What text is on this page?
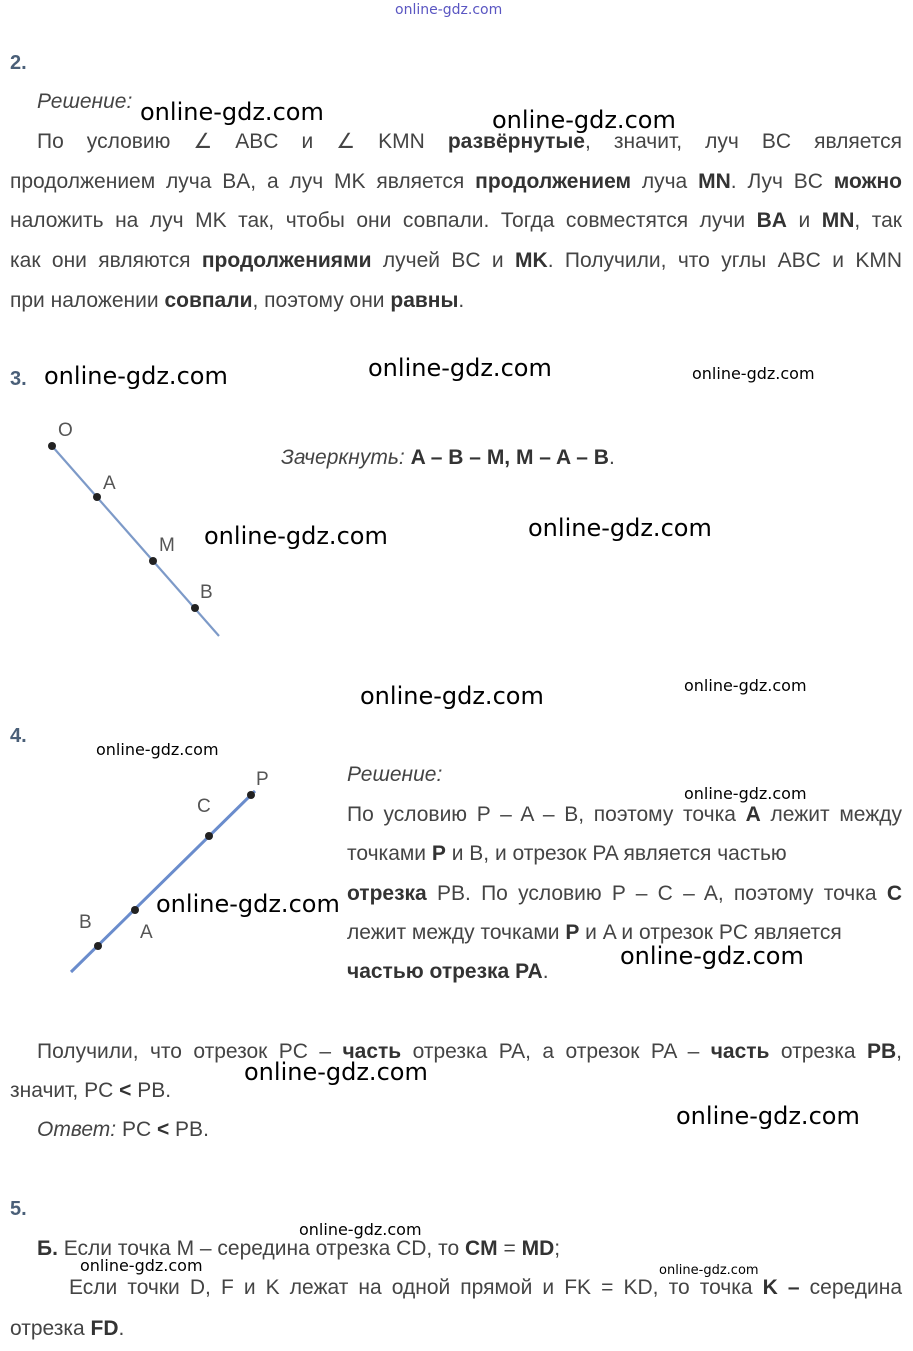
online-gdz.com
2.
Решение:
По условию ∠ ABC и ∠ KMN развёрнутые, значит, луч BC является
продолжением луча BA, а луч MK является продолжением луча MN. Луч BC можно
наложить на луч MK так, чтобы они совпали. Тогда совместятся лучи BA и MN, так
как они являются продолжениями лучей BC и MK. Получили, что углы ABC и KMN
при наложении совпали, поэтому они равны.
3.
O
A
M
B
Зачеркнуть: A – B – M, M – A – B.
4.
P
C
B	A
Решение:
По условию P – A – B, поэтому точка A лежит между
точками P и B, и отрезок PA является частью
отрезка PB. По условию P – C – A, поэтому точка C
лежит между точками P и A и отрезок PC является
частью отрезка PA.
Получили, что отрезок PC – часть отрезка PA, а отрезок PA – часть отрезка PB,
значит, PC < PB.
Ответ: PC < PB.
5.
Б. Если точка M – середина отрезка CD, то CM = MD;
Если точки D, F и K лежат на одной прямой и FK = KD, то точка K – середина
отрезка FD.
online-gdz.com	online-gdz.com
online-gdz.com	online-gdz.com	online-gdz.com
online-gdz.com	online-gdz.com
online-gdz.com	online-gdz.com
online-gdz.com
online-gdz.com
online-gdz.com
online-gdz.com
online-gdz.com
online-gdz.com
online-gdz.com
online-gdz.com	online-gdz.com
